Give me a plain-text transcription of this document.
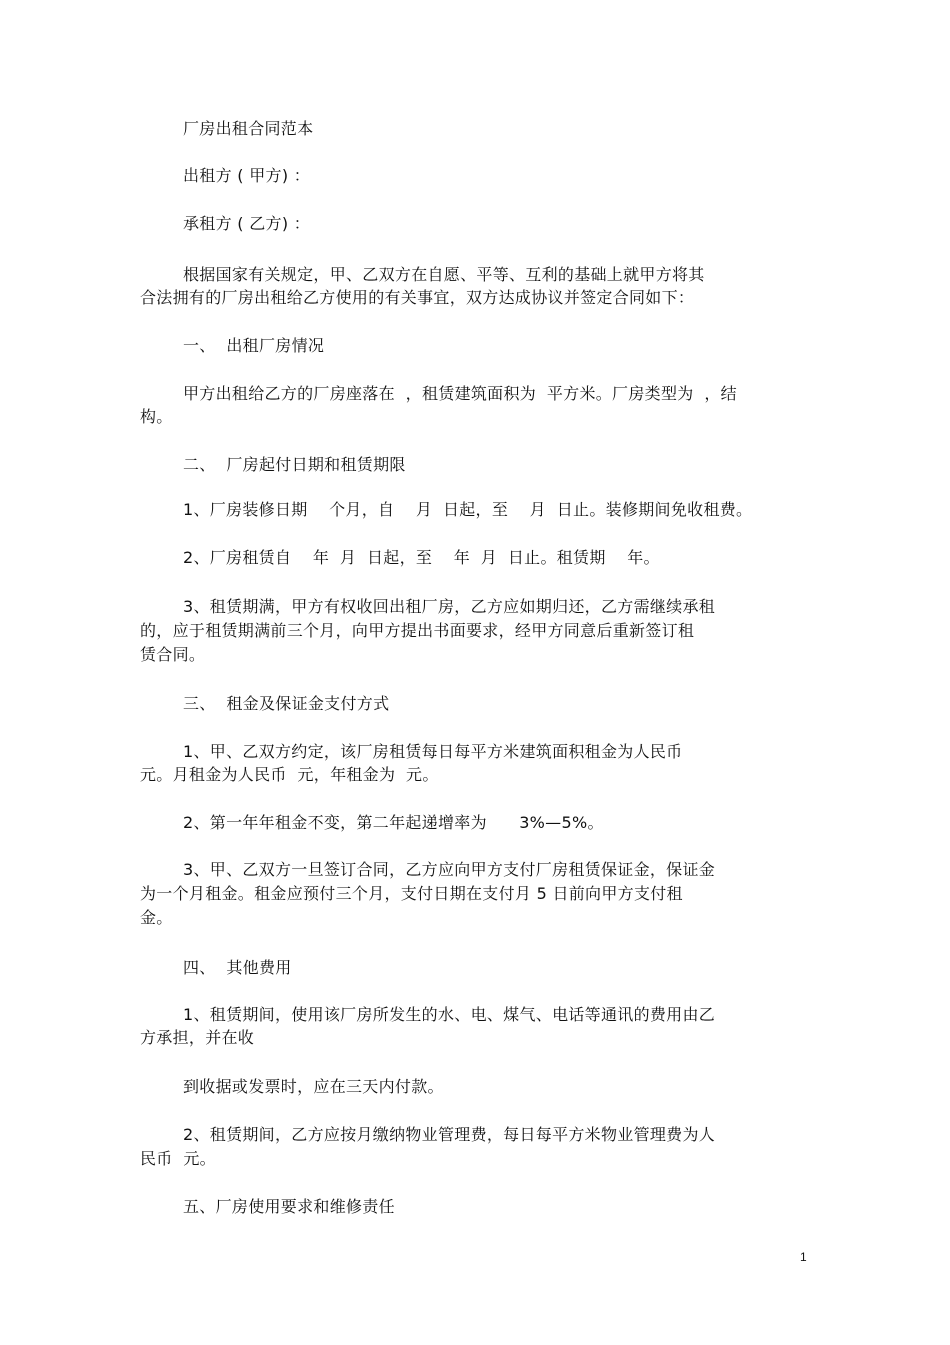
厂房出租合同范本
出租方 ( 甲方) ：
承租方 ( 乙方) ：
根据国家有关规定，甲、乙双方在自愿、平等、互利的基础上就甲方将其
合法拥有的厂房出租给乙方使用的有关事宜，双方达成协议并签定合同如下：
一、  出租厂房情况
甲方出租给乙方的厂房座落在  ，租赁建筑面积为  平方米。厂房类型为  ，结
构。
二、  厂房起付日期和租赁期限
1、厂房装修日期    个月，自    月  日起，至    月  日止。装修期间免收租费。
2、厂房租赁自    年  月  日起，至    年  月  日止。租赁期    年。
3、租赁期满，甲方有权收回出租厂房，乙方应如期归还，乙方需继续承租
的，应于租赁期满前三个月，向甲方提出书面要求，经甲方同意后重新签订租
赁合同。
三、  租金及保证金支付方式
1、甲、乙双方约定，该厂房租赁每日每平方米建筑面积租金为人民币
元。月租金为人民币  元，年租金为  元。
2、第一年年租金不变，第二年起递增率为      3%—5%。
3、甲、乙双方一旦签订合同，乙方应向甲方支付厂房租赁保证金，保证金
为一个月租金。租金应预付三个月，支付日期在支付月 5 日前向甲方支付租
金。
四、  其他费用
1、租赁期间，使用该厂房所发生的水、电、煤气、电话等通讯的费用由乙
方承担，并在收
到收据或发票时，应在三天内付款。
2、租赁期间，乙方应按月缴纳物业管理费，每日每平方米物业管理费为人
民币  元。
五、厂房使用要求和维修责任
1
